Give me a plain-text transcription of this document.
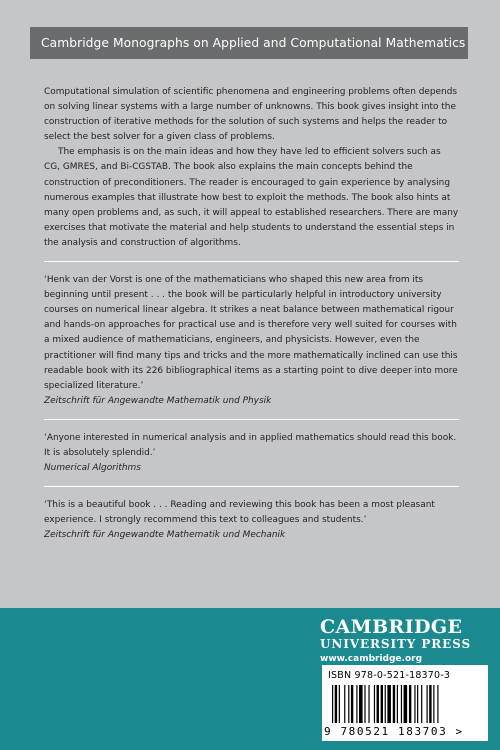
Cambridge Monographs on Applied and Computational Mathematics

Computational simulation of scientific phenomena and engineering problems often depends on solving linear systems with a large number of unknowns. This book gives insight into the construction of iterative methods for the solution of such systems and helps the reader to select the best solver for a given class of problems.

The emphasis is on the main ideas and how they have led to efficient solvers such as CG, GMRES, and Bi-CGSTAB. The book also explains the main concepts behind the construction of preconditioners. The reader is encouraged to gain experience by analysing numerous examples that illustrate how best to exploit the methods. The book also hints at many open problems and, as such, it will appeal to established researchers. There are many exercises that motivate the material and help students to understand the essential steps in the analysis and construction of algorithms.

‘Henk van der Vorst is one of the mathematicians who shaped this new area from its beginning until present . . . the book will be particularly helpful in introductory university courses on numerical linear algebra. It strikes a neat balance between mathematical rigour and hands-on approaches for practical use and is therefore very well suited for courses with a mixed audience of mathematicians, engineers, and physicists. However, even the practitioner will find many tips and tricks and the more mathematically inclined can use this readable book with its 226 bibliographical items as a starting point to dive deeper into more specialized literature.’

Zeitschrift für Angewandte Mathematik und Physik

‘Anyone interested in numerical analysis and in applied mathematics should read this book. It is absolutely splendid.’

Numerical Algorithms

‘This is a beautiful book . . . Reading and reviewing this book has been a most pleasant experience. I strongly recommend this text to colleagues and students.’

Zeitschrift für Angewandte Mathematik und Mechanik

CAMBRIDGE
UNIVERSITY PRESS
www.cambridge.org
ISBN 978-0-521-18370-3
9 780521 183703 >
